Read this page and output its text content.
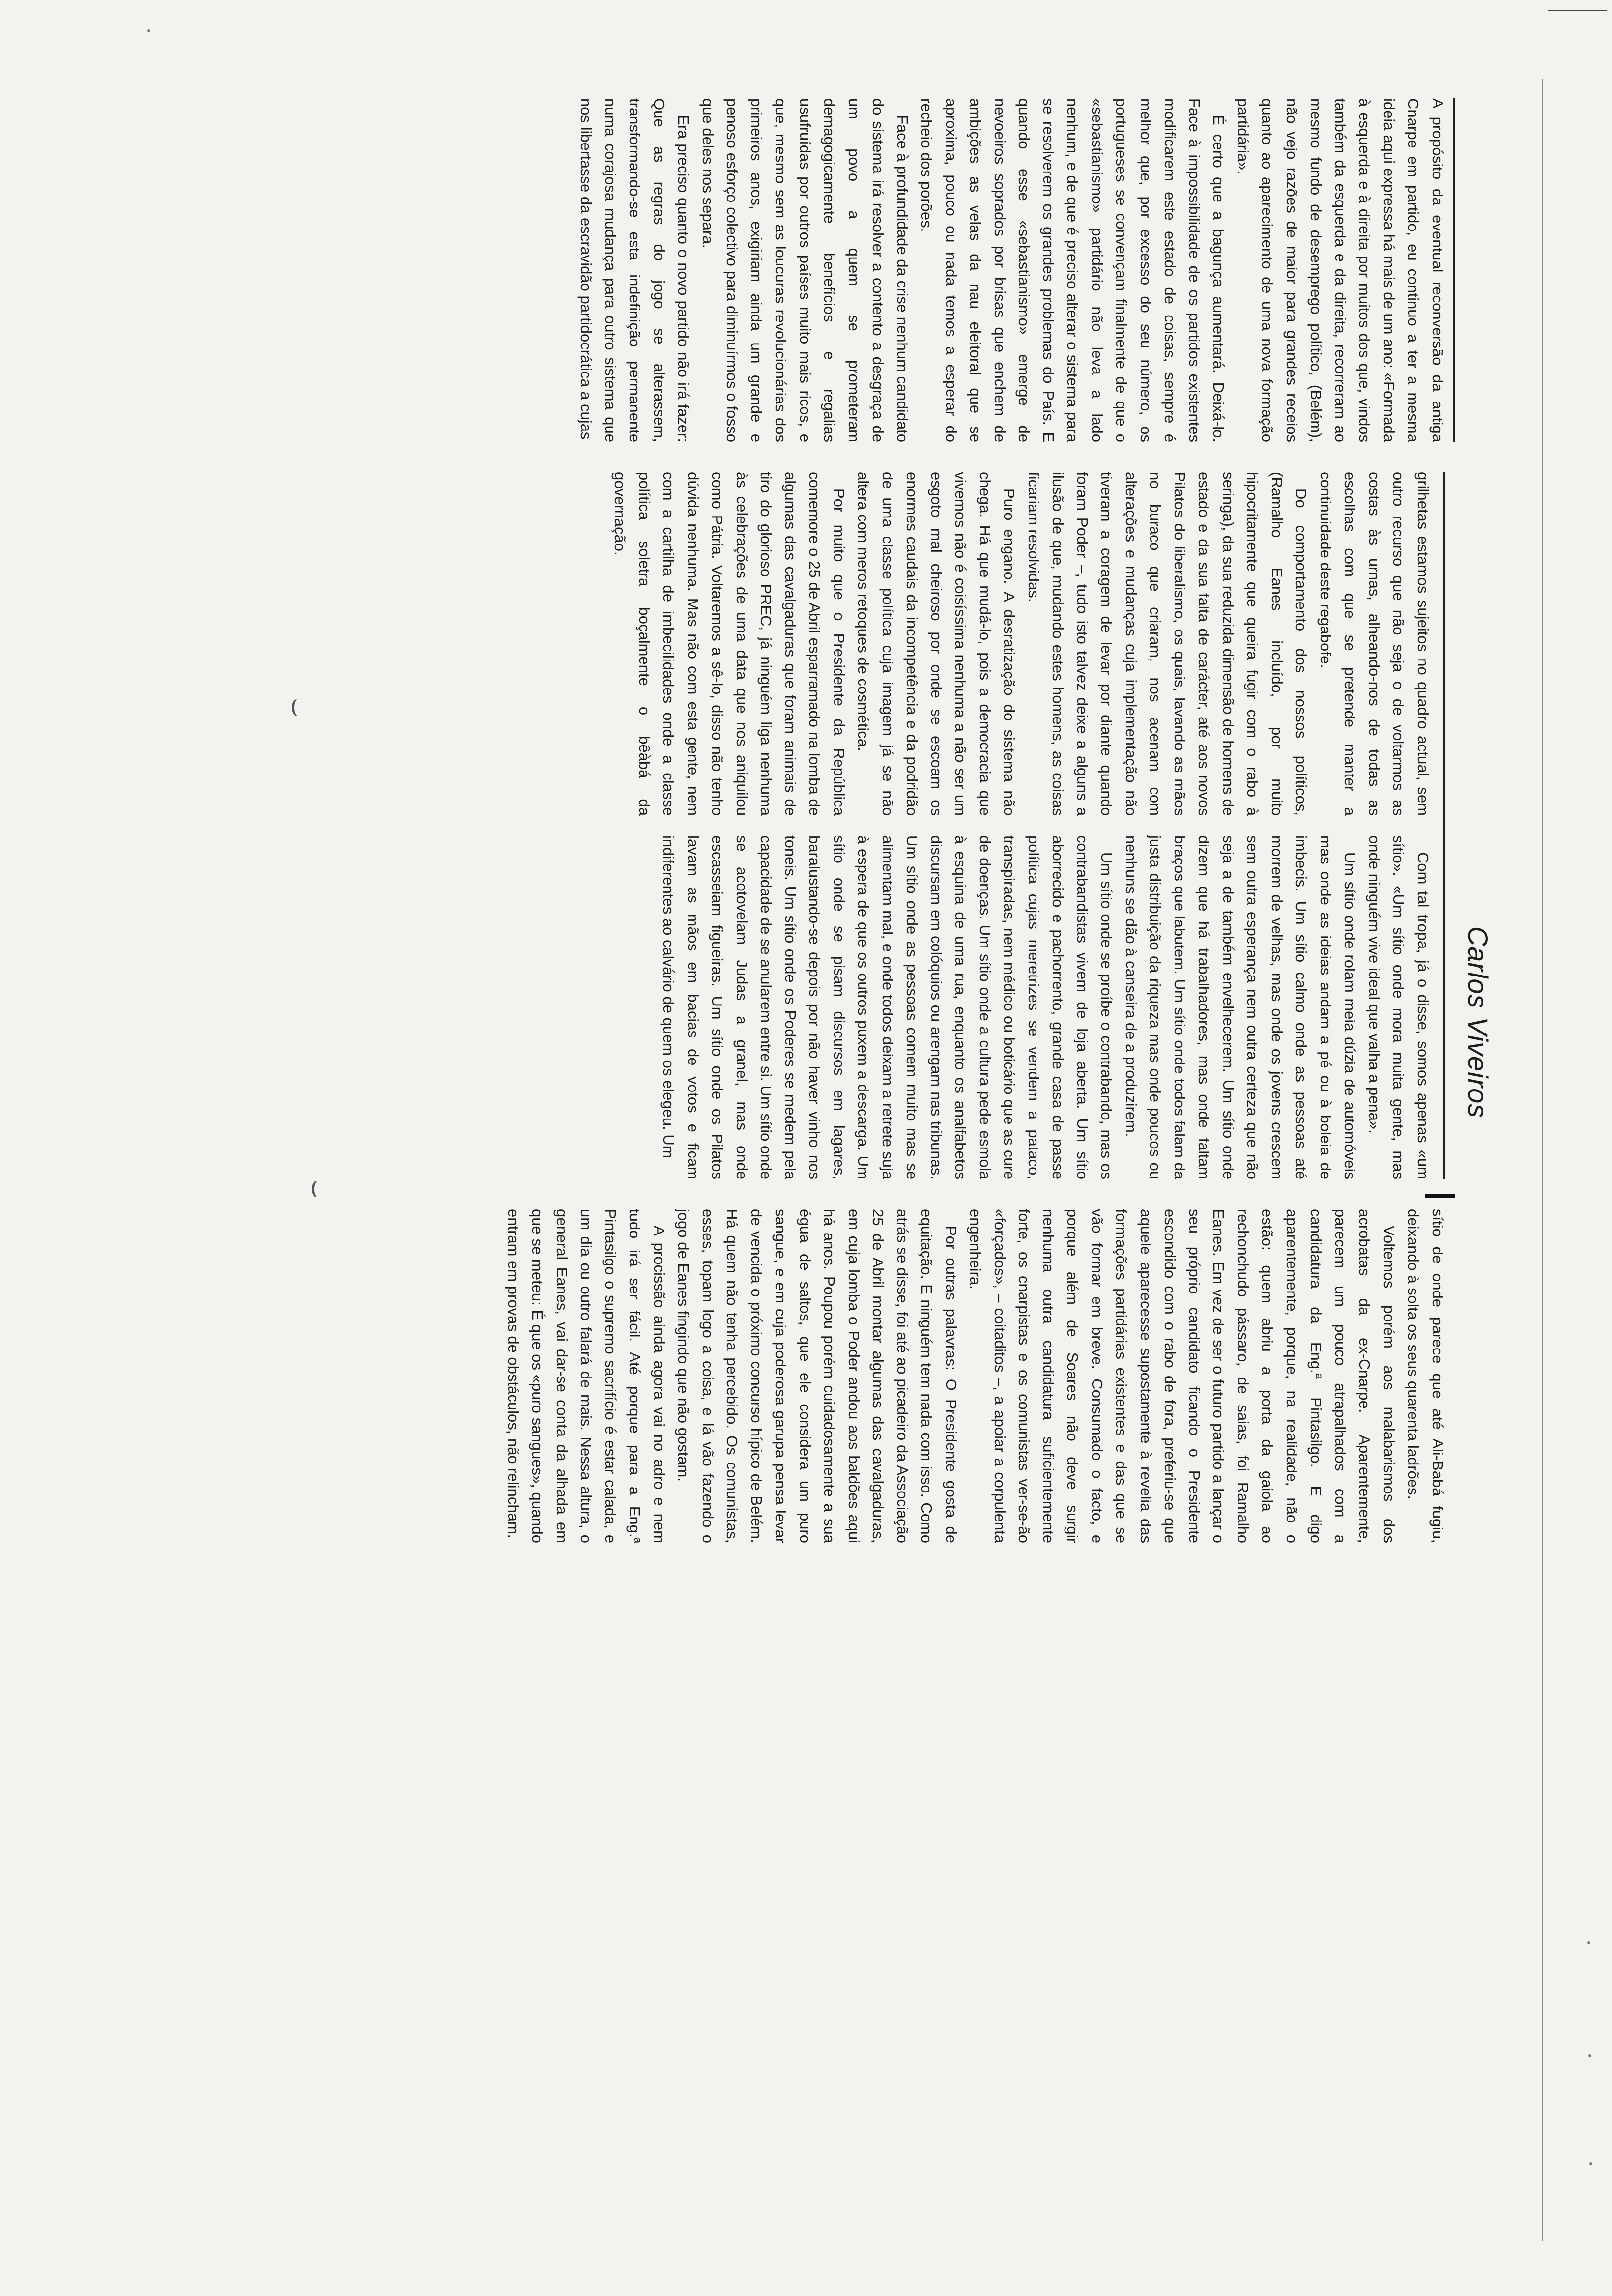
A propósito da eventual reconversão da antiga Cnarpe em partido, eu continuo a ter a mesma ideia aqui expressa há mais de um ano: «Formada à esquerda e à direita por muitos dos que, vindos também da esquerda e da direita, recorreram ao mesmo fundo de desemprego político, (Belém), não vejo razões de maior para grandes receios quanto ao aparecimento de uma nova formação partidária».

É certo que a bagunça aumentará. Deixá-lo. Face à impossibilidade de os partidos existentes modificarem este estado de coisas, sempre é melhor que, por excesso do seu número, os portugueses se convençam finalmente de que o «sebastianismo» partidário não leva a lado nenhum, e de que é preciso alterar o sistema para se resolverem os grandes problemas do País. E quando esse «sebastianismo» emerge de nevoeiros soprados por brisas que enchem de ambições as velas da nau eleitoral que se aproxima, pouco ou nada temos a esperar do recheio dos porões.

Face à profundidade da crise nenhum candidato do sistema irá resolver a contento a desgraça de um povo a quem se prometeram demagogicamente benefícios e regalias usufruídas por outros países muito mais ricos, e que, mesmo sem as loucuras revolucionárias dos primeiros anos, exigiriam ainda um grande e penoso esforço colectivo para diminuírmos o fosso que deles nos separa.

Era preciso quanto o novo partido não irá fazer: Que as regras do jogo se alterassem, transformando-se esta indefinição permanente numa corajosa mudança para outro sistema que nos libertasse da escravidão partidocrática a cujas

Carlos Viveiros

grilhetas estamos sujeitos no quadro actual, sem outro recurso que não seja o de voltarmos as costas às urnas, alheando-nos de todas as escolhas com que se pretende manter a continuidade deste regabofe.

Do comportamento dos nossos políticos, (Ramalho Eanes incluído, por muito hipocritamente que queira fugir com o rabo à seringa), da sua reduzida dimensão de homens de estado e da sua falta de carácter, até aos novos Pilatos do liberalismo, os quais, lavando as mãos no buraco que criaram, nos acenam com alterações e mudanças cuja implementação não tiveram a coragem de levar por diante quando foram Poder –, tudo isto talvez deixe a alguns a ilusão de que, mudando estes homens, as coisas ficariam resolvidas.

Puro engano. A desratização do sistema não chega. Há que mudá-lo, pois a democracia que vivemos não é coisíssima nenhuma a não ser um esgoto mal cheiroso por onde se escoam os enormes caudais da incompetência e da podridão de uma classe política cuja imagem já se não altera com meros retoques de cosmética.

Por muito que o Presidente da República comemore o 25 de Abril esparramado na lomba de algumas das cavalgaduras que foram animais de tiro do glorioso PREC, já ninguém liga nenhuma às celebrações de uma data que nos aniquilou como Pátria. Voltaremos a sê-lo, disso não tenho dúvida nenhuma. Mas não com esta gente, nem com a cartilha de imbecilidades onde a classe política soletra boçalmente o bêàbá da governação.

Com tal tropa, já o disse, somos apenas «um sítio». «Um sítio onde mora muita gente, mas onde ninguém vive ideal que valha a pena».

Um sítio onde rolam meia dúzia de automóveis mas onde as ideias andam a pé ou à boleia de imbecis. Um sítio calmo onde as pessoas até morrem de velhas, mas onde os jovens crescem sem outra esperança nem outra certeza que não seja a de também envelhecerem. Um sítio onde dizem que há trabalhadores, mas onde faltam braços que labutem. Um sítio onde todos falam da justa distribuição da riqueza mas onde poucos ou nenhuns se dão à canseira de a produzirem.

Um sítio onde se proíbe o contrabando, mas os contrabandistas vivem de loja aberta. Um sítio aborrecido e pachorrento, grande casa de passe política cujas meretrizes se vendem a pataco, transpiradas, nem médico ou boticário que as cure de doenças. Um sítio onde a cultura pede esmola à esquina de uma rua, enquanto os analfabetos discursam em colóquios ou arengam nas tribunas. Um sítio onde as pessoas comem muito mas se alimentam mal, e onde todos deixam a retrete suja à espera de que os outros puxem a descarga. Um sítio onde se pisam discursos em lagares, baralustando-se depois por não haver vinho nos toneis. Um sítio onde os Poderes se medem pela capacidade de se anularem entre si. Um sítio onde se acotovelam Judas a granel, mas onde escasseiam figueiras. Um sítio onde os Pilatos lavam as mãos em bacias de votos e ficam indiferentes ao calvário de quem os elegeu. Um

sítio de onde parece que até Ali-Babá fugiu, deixando à solta os seus quarenta ladrões.

Voltemos porém aos malabarismos dos acrobatas da ex-Cnarpe. Aparentemente, parecem um pouco atrapalhados com a candidatura da Eng.ª Pintasilgo. E digo aparentemente, porque, na realidade, não o estão: quem abriu a porta da gaiola ao rechonchudo pássaro, de saias, foi Ramalho Eanes. Em vez de ser o futuro partido a lançar o seu próprio candidato ficando o Presidente escondido com o rabo de fora, preferiu-se que aquele aparecesse supostamente à revelia das formações partidárias existentes e das que se vão formar em breve. Consumado o facto, e porque além de Soares não deve surgir nenhuma outra candidatura suficientemente forte, os cnarpistas e os comunistas ver-se-ão «forçados», – coitaditos –, a apoiar a corpulenta engenheira.

Por outras palavras: O Presidente gosta de equitação. E ninguém tem nada com isso. Como atrás se disse, foi até ao picadeiro da Associação 25 de Abril montar algumas das cavalgaduras, em cuja lomba o Poder andou aos baldões aqui há anos. Poupou porém cuidadosamente a sua égua de saltos, que ele considera um puro sangue, e em cuja poderosa garupa pensa levar de vencida o próximo concurso hípico de Belém. Há quem não tenha percebido. Os comunistas, esses, topam logo a coisa, e lá vão fazendo o jogo de Eanes fingindo que não gostam.

A procissão ainda agora vai no adro e nem tudo irá ser fácil. Até porque para a Eng.ª Pintasilgo o supremo sacrifício é estar calada, e um dia ou outro falará de mais. Nessa altura, o general Eanes, vai dar-se conta da alhada em que se meteu: É que os «puro sangues», quando entram em provas de obstáculos, não relincham.

⌣
⌣
